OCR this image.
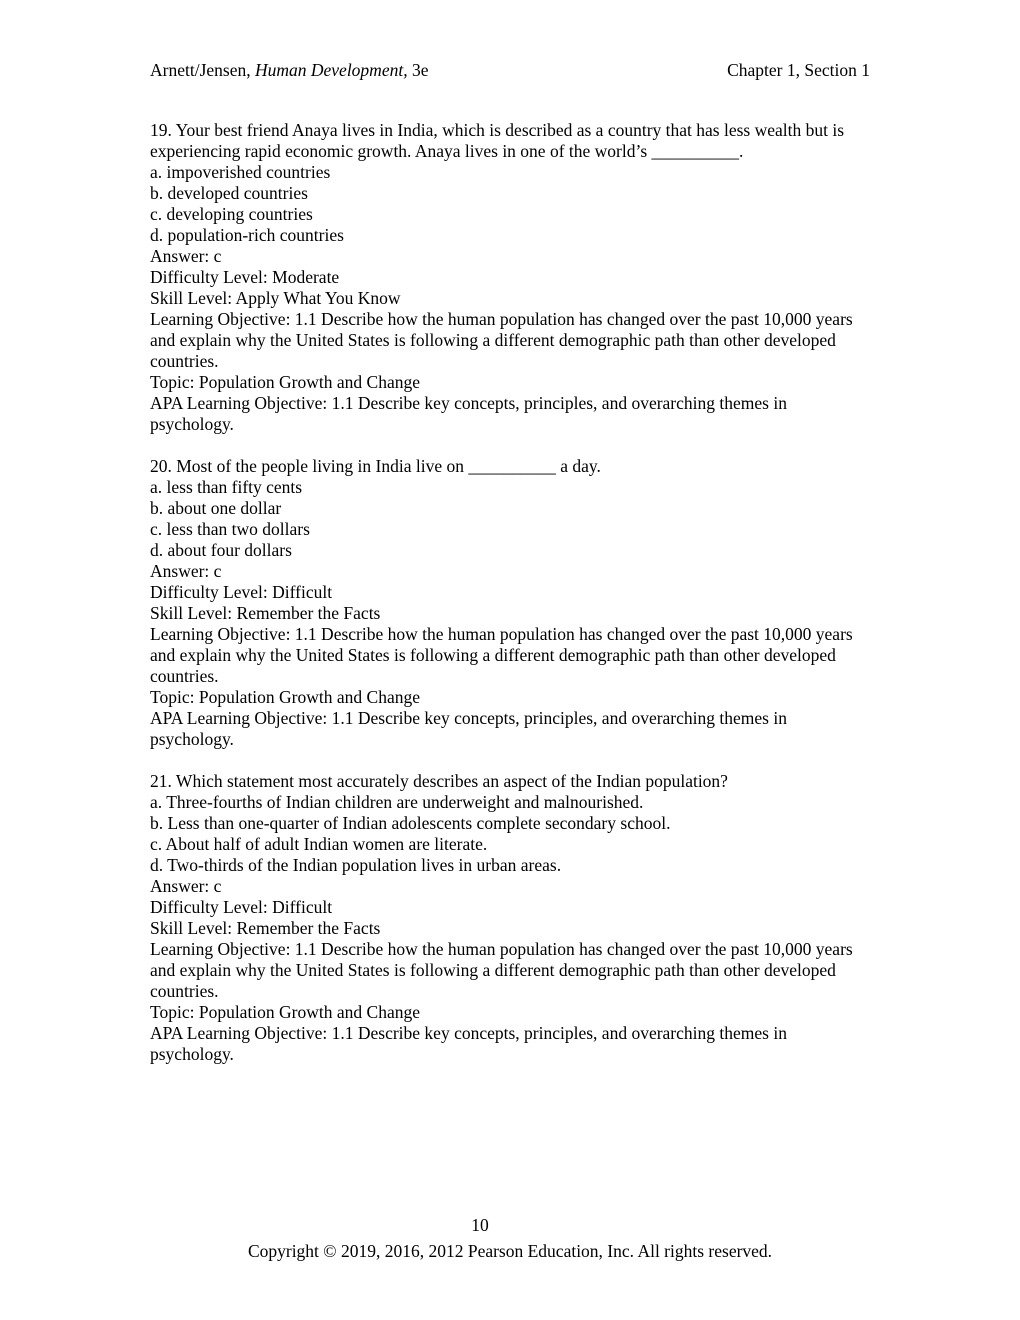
Arnett/Jensen, Human Development, 3e	Chapter 1, Section 1
19. Your best friend Anaya lives in India, which is described as a country that has less wealth but is experiencing rapid economic growth. Anaya lives in one of the world’s __________.
a. impoverished countries
b. developed countries
c. developing countries
d. population-rich countries
Answer: c
Difficulty Level: Moderate
Skill Level: Apply What You Know
Learning Objective: 1.1 Describe how the human population has changed over the past 10,000 years and explain why the United States is following a different demographic path than other developed countries.
Topic: Population Growth and Change
APA Learning Objective: 1.1 Describe key concepts, principles, and overarching themes in psychology.
20. Most of the people living in India live on __________ a day.
a. less than fifty cents
b. about one dollar
c. less than two dollars
d. about four dollars
Answer: c
Difficulty Level: Difficult
Skill Level: Remember the Facts
Learning Objective: 1.1 Describe how the human population has changed over the past 10,000 years and explain why the United States is following a different demographic path than other developed countries.
Topic: Population Growth and Change
APA Learning Objective: 1.1 Describe key concepts, principles, and overarching themes in psychology.
21. Which statement most accurately describes an aspect of the Indian population?
a. Three-fourths of Indian children are underweight and malnourished.
b. Less than one-quarter of Indian adolescents complete secondary school.
c. About half of adult Indian women are literate.
d. Two-thirds of the Indian population lives in urban areas.
Answer: c
Difficulty Level: Difficult
Skill Level: Remember the Facts
Learning Objective: 1.1 Describe how the human population has changed over the past 10,000 years and explain why the United States is following a different demographic path than other developed countries.
Topic: Population Growth and Change
APA Learning Objective: 1.1 Describe key concepts, principles, and overarching themes in psychology.
10
Copyright © 2019, 2016, 2012 Pearson Education, Inc. All rights reserved.
